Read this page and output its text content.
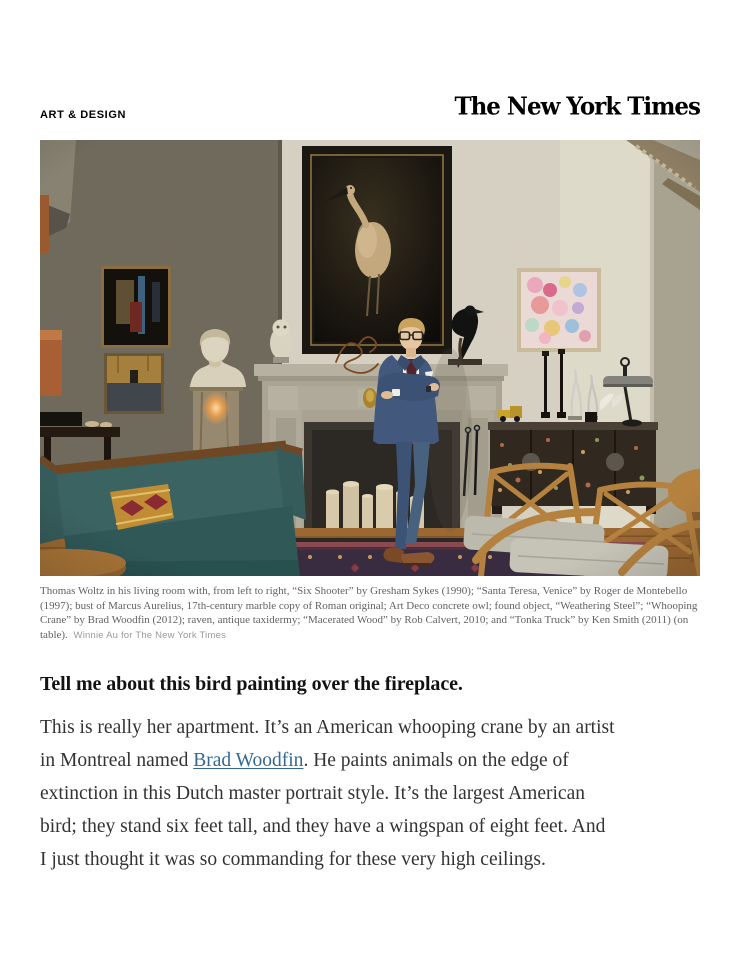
ART & DESIGN	The New York Times
Thomas Woltz in his living room with, from left to right, “Six Shooter” by Gresham Sykes (1990); “Santa Teresa, Venice” by Roger de Montebello (1997); bust of Marcus Aurelius, 17th-century marble copy of Roman original; Art Deco concrete owl; found object, “Weathering Steel”; “Whooping Crane” by Brad Woodfin (2012); raven, antique taxidermy; “Macerated Wood” by Rob Calvert, 2010; and “Tonka Truck” by Ken Smith (2011) (on table). Winnie Au for The New York Times
Tell me about this bird painting over the fireplace.

This is really her apartment. It’s an American whooping crane by an artist in Montreal named Brad Woodfin. He paints animals on the edge of extinction in this Dutch master portrait style. It’s the largest American bird; they stand six feet tall, and they have a wingspan of eight feet. And I just thought it was so commanding for these very high ceilings.
